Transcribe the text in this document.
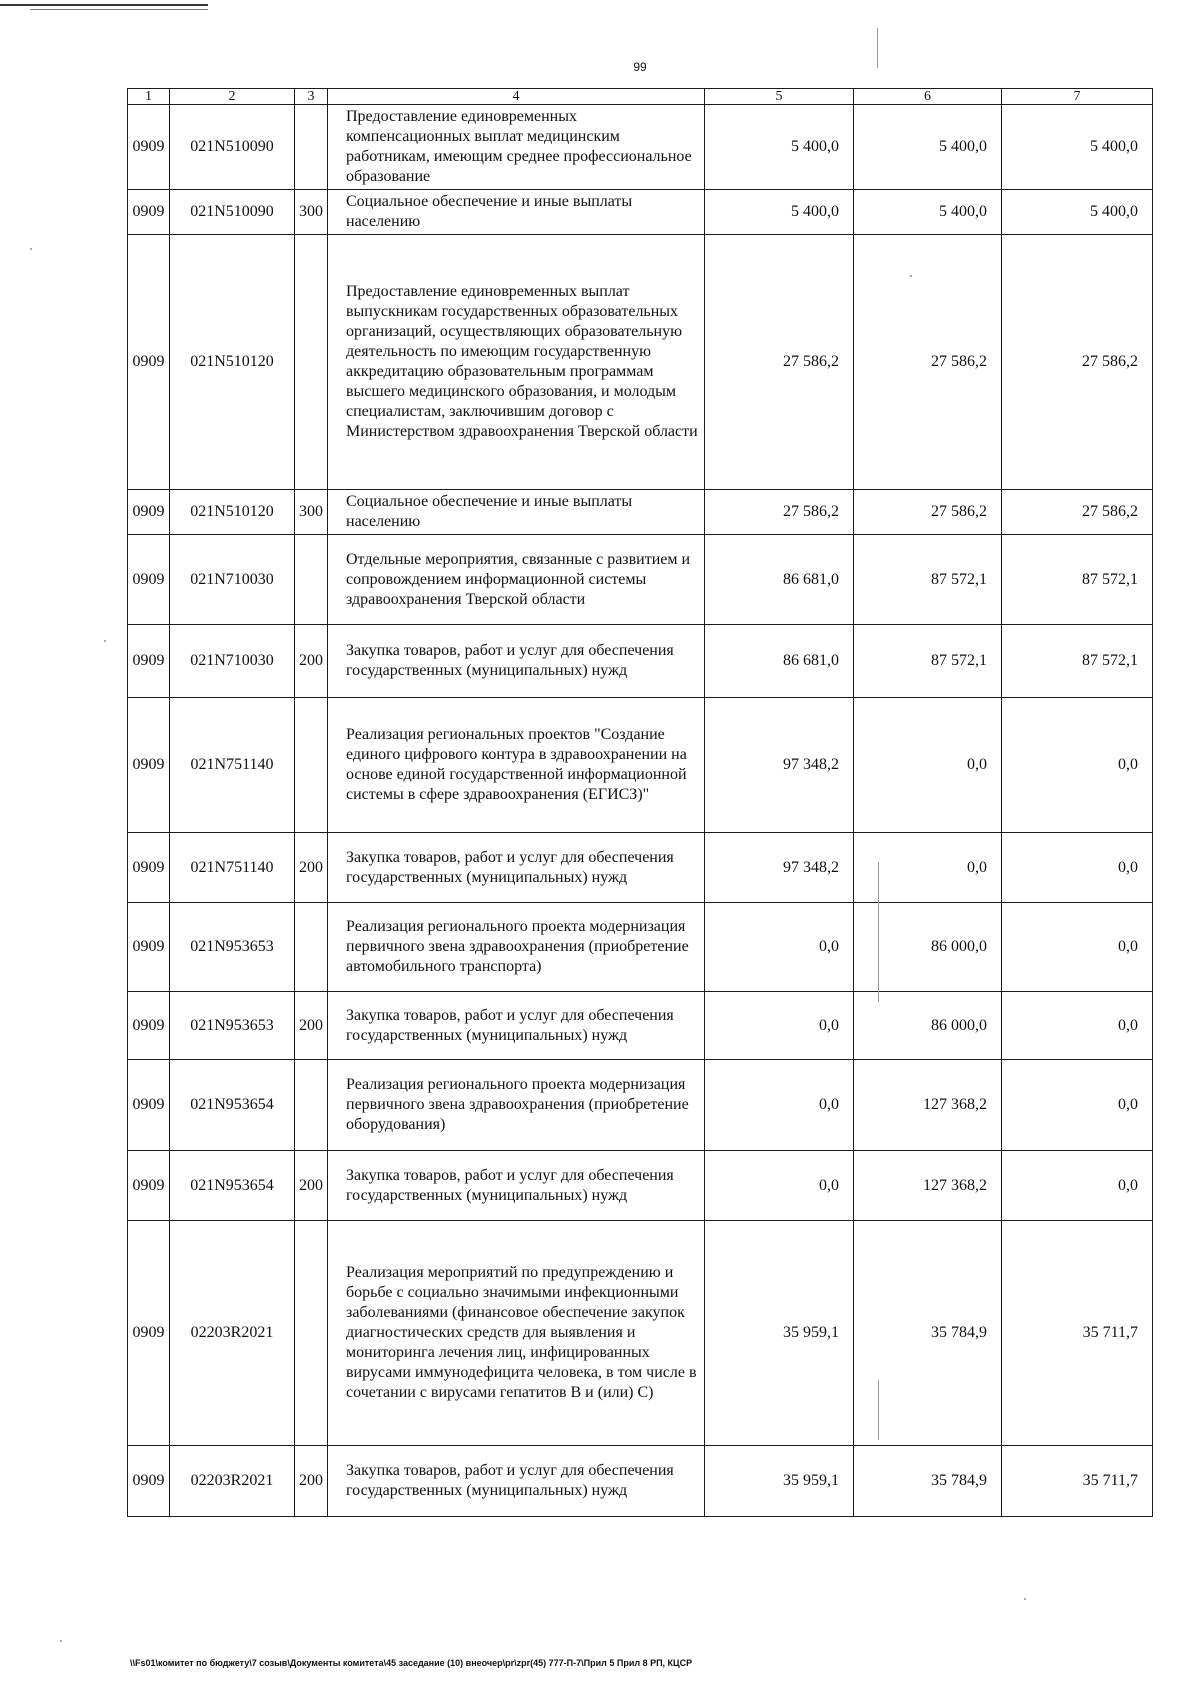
99
1	2	3	4	5	6	7
0909	021N510090		Предоставление единовременных компенсационных выплат медицинским работникам, имеющим среднее профессиональное образование	5 400,0	5 400,0	5 400,0
0909	021N510090	300	Социальное обеспечение и иные выплаты населению	5 400,0	5 400,0	5 400,0
0909	021N510120		Предоставление единовременных выплат выпускникам государственных образовательных организаций, осуществляющих образовательную деятельность по имеющим государственную аккредитацию образовательным программам высшего медицинского образования, и молодым специалистам, заключившим договор с Министерством здравоохранения Тверской области	27 586,2	27 586,2	27 586,2
0909	021N510120	300	Социальное обеспечение и иные выплаты населению	27 586,2	27 586,2	27 586,2
0909	021N710030		Отдельные мероприятия, связанные с развитием и сопровождением информационной системы здравоохранения Тверской области	86 681,0	87 572,1	87 572,1
0909	021N710030	200	Закупка товаров, работ и услуг для обеспечения государственных (муниципальных) нужд	86 681,0	87 572,1	87 572,1
0909	021N751140		Реализация региональных проектов "Создание единого цифрового контура в здравоохранении на основе единой государственной информационной системы в сфере здравоохранения (ЕГИСЗ)"	97 348,2	0,0	0,0
0909	021N751140	200	Закупка товаров, работ и услуг для обеспечения государственных (муниципальных) нужд	97 348,2	0,0	0,0
0909	021N953653		Реализация регионального проекта модернизация первичного звена здравоохранения (приобретение автомобильного транспорта)	0,0	86 000,0	0,0
0909	021N953653	200	Закупка товаров, работ и услуг для обеспечения государственных (муниципальных) нужд	0,0	86 000,0	0,0
0909	021N953654		Реализация регионального проекта модернизация первичного звена здравоохранения (приобретение оборудования)	0,0	127 368,2	0,0
0909	021N953654	200	Закупка товаров, работ и услуг для обеспечения государственных (муниципальных) нужд	0,0	127 368,2	0,0
0909	02203R2021		Реализация мероприятий по предупреждению и борьбе с социально значимыми инфекционными заболеваниями (финансовое обеспечение закупок диагностических средств для выявления и мониторинга лечения лиц, инфицированных вирусами иммунодефицита человека, в том числе в сочетании с вирусами гепатитов В и (или) С)	35 959,1	35 784,9	35 711,7
0909	02203R2021	200	Закупка товаров, работ и услуг для обеспечения государственных (муниципальных) нужд	35 959,1	35 784,9	35 711,7
\\Fs01\комитет по бюджету\7 созыв\Документы комитета\45 заседание (10) внеочер\pr\zpr(45) 777-П-7\Прил 5 Прил 8 РП, КЦСР
